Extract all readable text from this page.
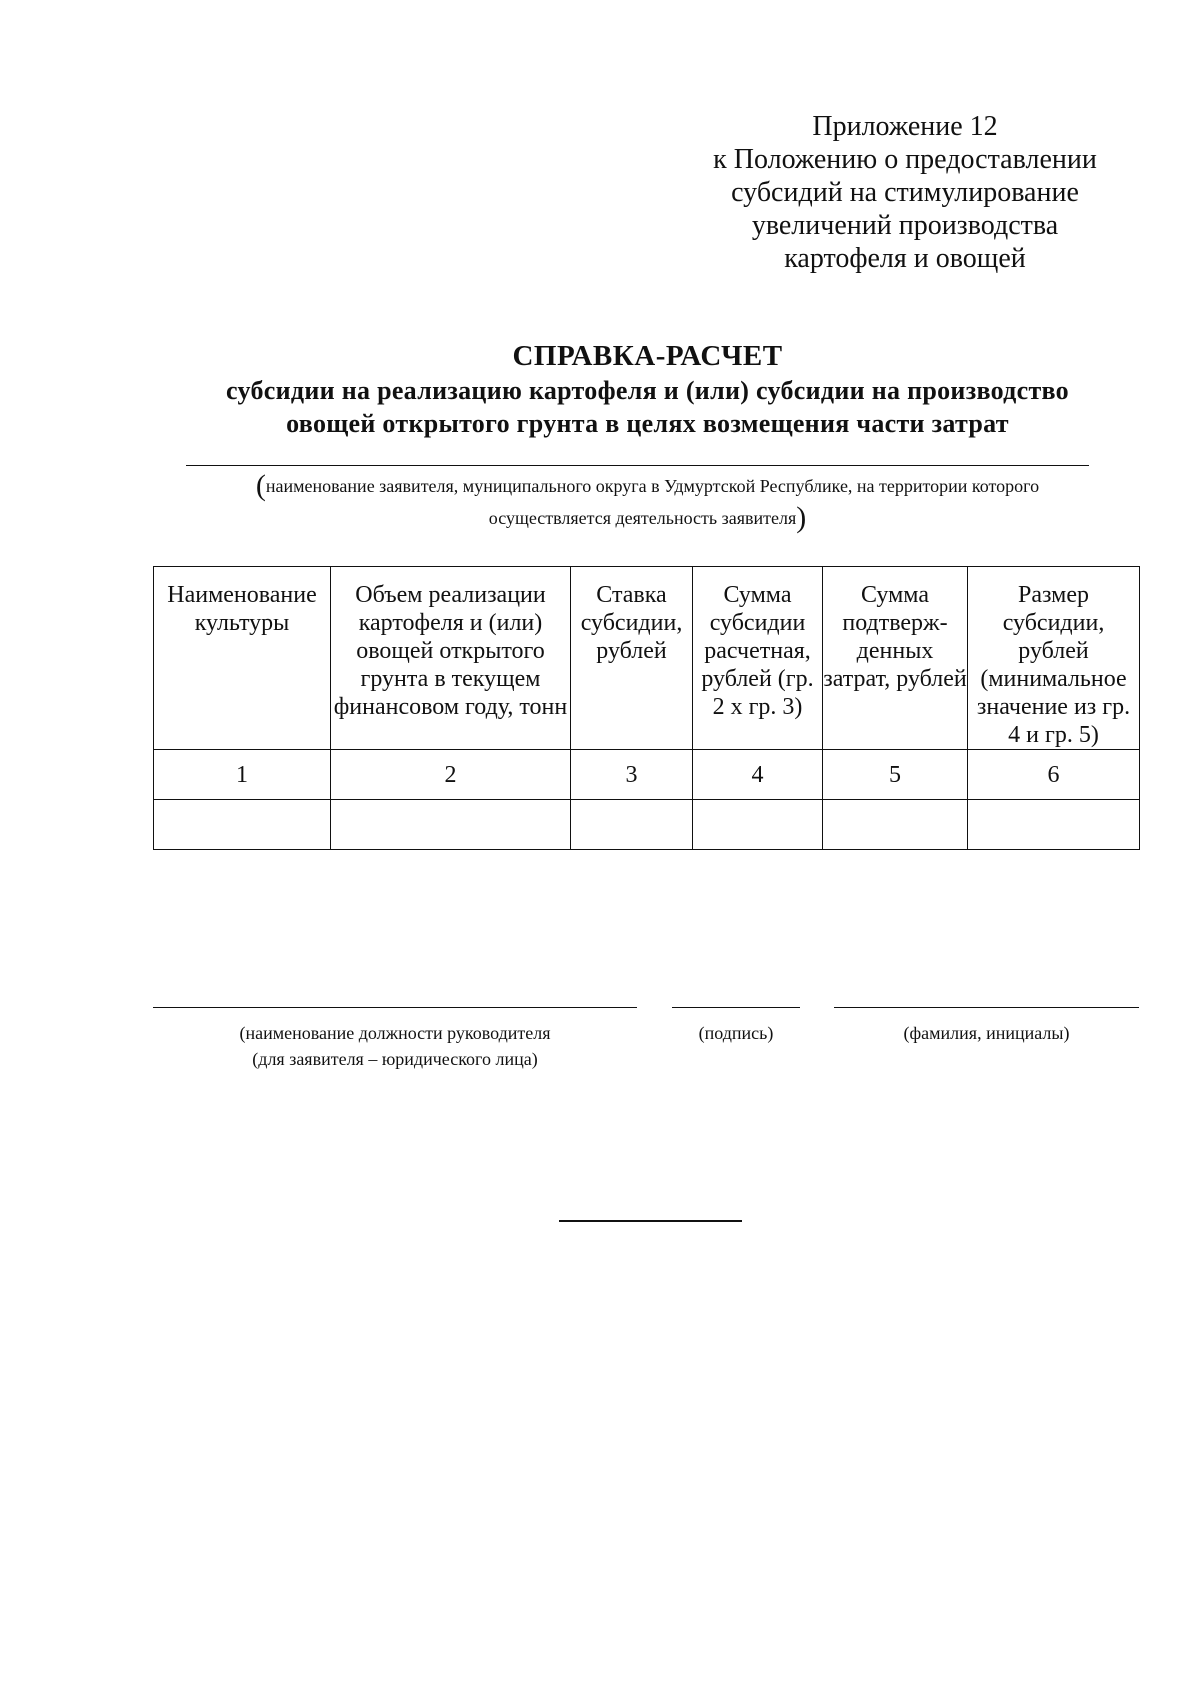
Приложение 12
к Положению о предоставлении
субсидий на стимулирование
увеличений производства
картофеля и овощей
СПРАВКА-РАСЧЕТ
субсидии на реализацию картофеля и (или) субсидии на производство
овощей открытого грунта в целях возмещения части затрат
(наименование заявителя, муниципального округа в Удмуртской Республике, на территории которого
осуществляется деятельность заявителя)
Наименование культуры	Объем реализации картофеля и (или) овощей открытого грунта в текущем финансовом году, тонн	Ставка субсидии, рублей	Сумма субсидии расчетная, рублей (гр. 2 х гр. 3)	Сумма подтверж-денных затрат, рублей	Размер субсидии, рублей (минимальное значение из гр. 4 и гр. 5)
1	2	3	4	5	6

(наименование должности руководителя
(для заявителя – юридического лица)
(подпись)	(фамилия, инициалы)
